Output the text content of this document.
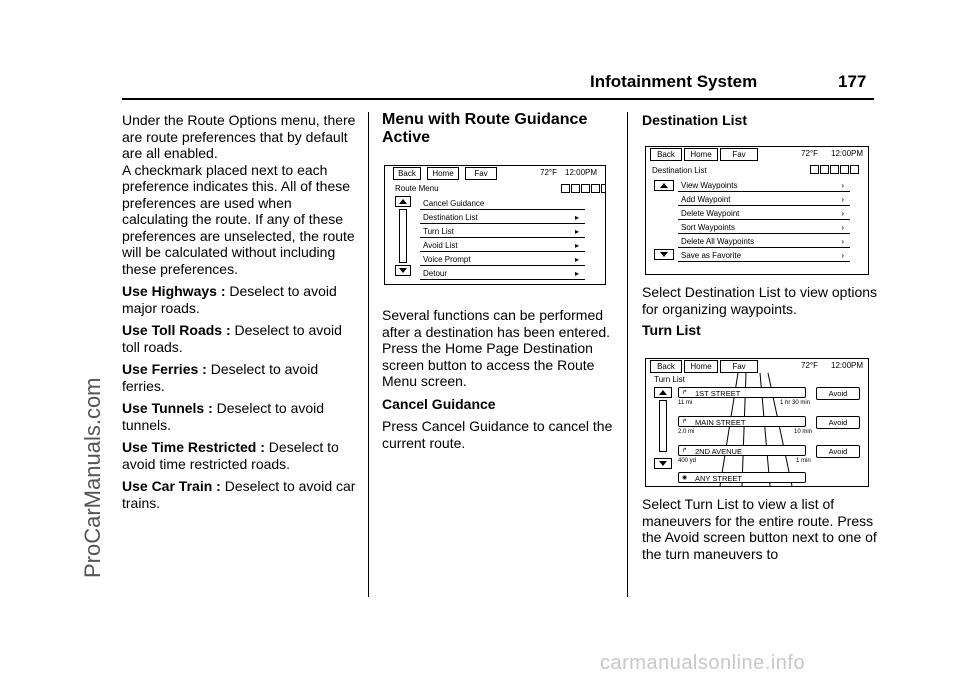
Infotainment System	177
ProCarManuals.com
carmanualsonline.info

Under the Route Options menu, there are route preferences that by default are all enabled.

A checkmark placed next to each preference indicates this. All of these preferences are used when calculating the route. If any of these preferences are unselected, the route will be calculated without including these preferences.

Use Highways : Deselect to avoid major roads.

Use Toll Roads : Deselect to avoid toll roads.

Use Ferries : Deselect to avoid ferries.

Use Tunnels : Deselect to avoid tunnels.

Use Time Restricted : Deselect to avoid time restricted roads.

Use Car Train : Deselect to avoid car trains.

Menu with Route Guidance Active
Back	Home	Fav	72°F 12:00PM
Route Menu
Cancel Guidance
Destination List	▸
Turn List	▸
Avoid List	▸
Voice Prompt	▸
Detour	▸

Several functions can be performed after a destination has been entered. Press the Home Page Destination screen button to access the Route Menu screen.

Cancel Guidance

Press Cancel Guidance to cancel the current route.

Destination List
Back	Home	Fav	72°F 12:00PM
Destination List
View Waypoints	›
Add Waypoint	›
Delete Waypoint	›
Sort Waypoints	›
Delete All Waypoints	›
Save as Favorite	›
Select Destination List to view options for organizing waypoints.
Turn List
Back	Home	Fav	72°F 12:00PM
Turn List
1ST STREET
↱	Avoid
11 mi	1 hr 30 min
MAIN STREET
↱	Avoid
2.0 mi	10 min
2ND AVENUE
↱	Avoid
400 yd	1 min
ANY STREET
◉
Select Turn List to view a list of maneuvers for the entire route. Press the Avoid screen button next to one of the turn maneuvers to
